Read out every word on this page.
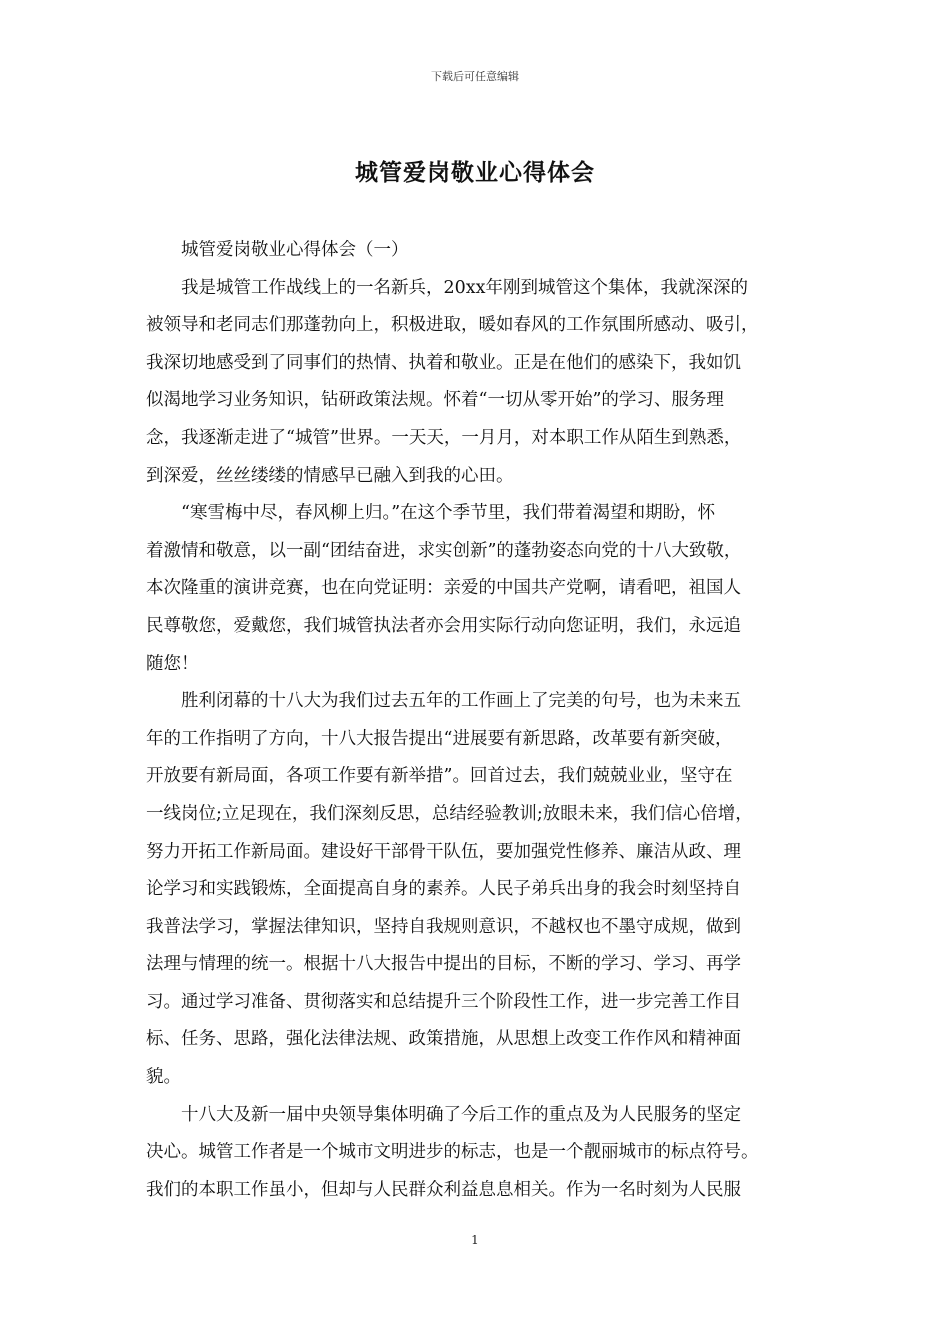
下载后可任意编辑
城管爱岗敬业心得体会

城管爱岗敬业心得体会（一）

我是城管工作战线上的一名新兵，20xx年刚到城管这个集体，我就深深的
被领导和老同志们那蓬勃向上，积极进取，暖如春风的工作氛围所感动、吸引，
我深切地感受到了同事们的热情、执着和敬业。正是在他们的感染下，我如饥
似渴地学习业务知识，钻研政策法规。怀着“一切从零开始”的学习、服务理
念，我逐渐走进了“城管”世界。一天天，一月月，对本职工作从陌生到熟悉，
到深爱，丝丝缕缕的情感早已融入到我的心田。

“寒雪梅中尽，春风柳上归。”在这个季节里，我们带着渴望和期盼，怀
着激情和敬意，以一副“团结奋进，求实创新”的蓬勃姿态向党的十八大致敬，
本次隆重的演讲竞赛，也在向党证明：亲爱的中国共产党啊，请看吧，祖国人
民尊敬您，爱戴您，我们城管执法者亦会用实际行动向您证明，我们，永远追
随您！

胜利闭幕的十八大为我们过去五年的工作画上了完美的句号，也为未来五
年的工作指明了方向，十八大报告提出“进展要有新思路，改革要有新突破，
开放要有新局面，各项工作要有新举措”。回首过去，我们兢兢业业，坚守在
一线岗位;立足现在，我们深刻反思，总结经验教训;放眼未来，我们信心倍增，
努力开拓工作新局面。建设好干部骨干队伍，要加强党性修养、廉洁从政、理
论学习和实践锻炼，全面提高自身的素养。人民子弟兵出身的我会时刻坚持自
我普法学习，掌握法律知识，坚持自我规则意识，不越权也不墨守成规，做到
法理与情理的统一。根据十八大报告中提出的目标，不断的学习、学习、再学
习。通过学习准备、贯彻落实和总结提升三个阶段性工作，进一步完善工作目
标、任务、思路，强化法律法规、政策措施，从思想上改变工作作风和精神面
貌。

十八大及新一届中央领导集体明确了今后工作的重点及为人民服务的坚定
决心。城管工作者是一个城市文明进步的标志，也是一个靓丽城市的标点符号。
我们的本职工作虽小，但却与人民群众利益息息相关。作为一名时刻为人民服

1
